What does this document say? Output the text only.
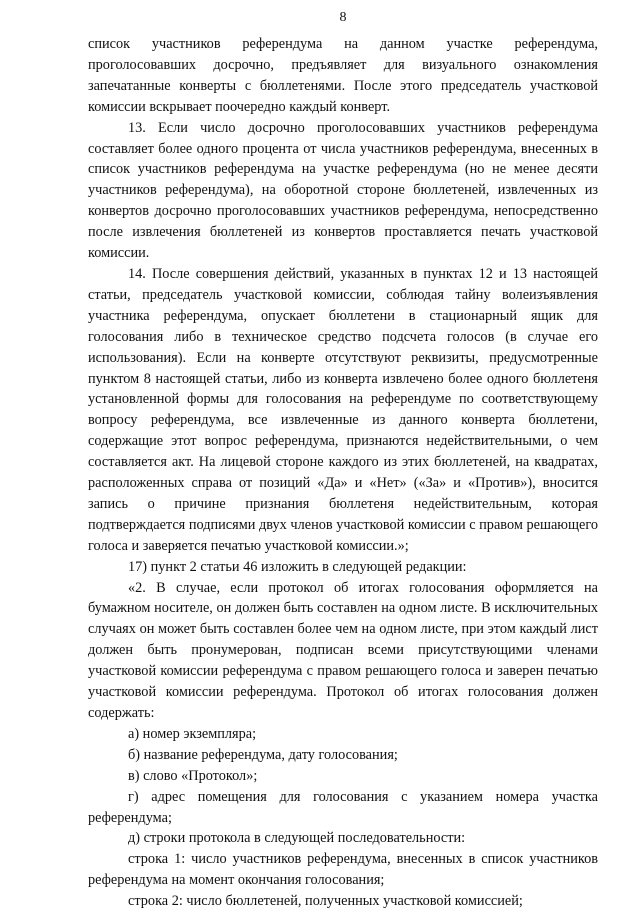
8

список участников референдума на данном участке референдума, проголосовавших досрочно, предъявляет для визуального ознакомления запечатанные конверты с бюллетенями. После этого председатель участковой комиссии вскрывает поочередно каждый конверт.

13. Если число досрочно проголосовавших участников референдума составляет более одного процента от числа участников референдума, внесенных в список участников референдума на участке референдума (но не менее десяти участников референдума), на оборотной стороне бюллетеней, извлеченных из конвертов досрочно проголосовавших участников референдума, непосредственно после извлечения бюллетеней из конвертов проставляется печать участковой комиссии.

14. После совершения действий, указанных в пунктах 12 и 13 настоящей статьи, председатель участковой комиссии, соблюдая тайну волеизъявления участника референдума, опускает бюллетени в стационарный ящик для голосования либо в техническое средство подсчета голосов (в случае его использования). Если на конверте отсутствуют реквизиты, предусмотренные пунктом 8 настоящей статьи, либо из конверта извлечено более одного бюллетеня установленной формы для голосования на референдуме по соответствующему вопросу референдума, все извлеченные из данного конверта бюллетени, содержащие этот вопрос референдума, признаются недействительными, о чем составляется акт. На лицевой стороне каждого из этих бюллетеней, на квадратах, расположенных справа от позиций «Да» и «Нет» («За» и «Против»), вносится запись о причине признания бюллетеня недействительным, которая подтверждается подписями двух членов участковой комиссии с правом решающего голоса и заверяется печатью участковой комиссии.»;

17) пункт 2 статьи 46 изложить в следующей редакции:

«2. В случае, если протокол об итогах голосования оформляется на бумажном носителе, он должен быть составлен на одном листе. В исключительных случаях он может быть составлен более чем на одном листе, при этом каждый лист должен быть пронумерован, подписан всеми присутствующими членами участковой комиссии референдума с правом решающего голоса и заверен печатью участковой комиссии референдума. Протокол об итогах голосования должен содержать:

а) номер экземпляра;

б) название референдума, дату голосования;

в) слово «Протокол»;

г) адрес помещения для голосования с указанием номера участка референдума;

д) строки протокола в следующей последовательности:

строка 1: число участников референдума, внесенных в список участников референдума на момент окончания голосования;

строка 2: число бюллетеней, полученных участковой комиссией;
